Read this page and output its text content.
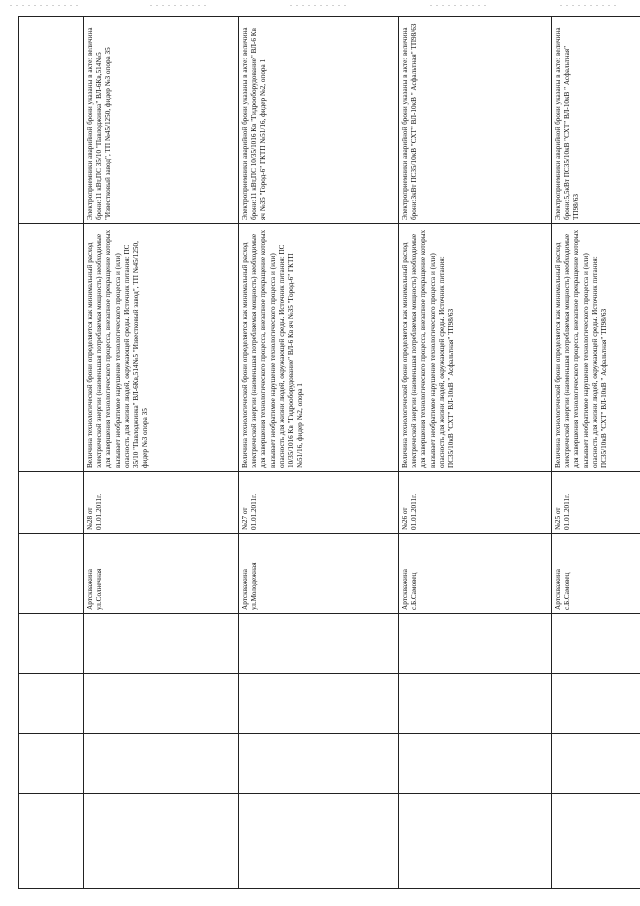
				Артскважина ул.Солнечная	№28 от 01.01.2011г.	Величина технологической брони определяется как минимальный расход электрической энергии (наименьшая потребляемая мощность) необходимые для завершения технологического процесса, внезапное прекращение которых вызывает необратимое нарушение технологического процесса и (или) опасность для жизни людей, окружающей среды. Источник питания: ПС 35/10 "Павлоджинка" ВЛ-6Кв,514№5 "Известковый завод", ТП №45/1250, фидер №3 опора 35	Электроприемники аварийной брони указаны в акте: величина брони:11 кВт,ПС 35/10 "Павлоджинка" ВЛ-6Кв,514№5 "Известковый завод", ТП №45/1250, фидер №3 опора 35
				Артскважина ул.Молодежная	№27 от 01.01.2011г.	Величина технологической брони определяется как минимальный расход электрической энергии (наименьшая потребляемая мощность) необходимые для завершения технологического процесса, внезапное прекращение которых вызывает необратимое нарушение технологического процесса и (или) опасность для жизни людей, окружающей среды. Источник питания: ПС 10/35/1016 Кв "Гидрооборудование" ВЛ-6 Кв яч №35 "Город-6" ГКТП №51/16, фидер №2, опора 1	Электроприемники аварийной брони указаны в акте: величина брони:11 кВт,ПС 10/35/1016 Кв "Гидрооборудование" ВЛ-6 Кв яч №35 "Город-6" ГКТП №51/16, фидер №2, опора 1
				Артскважина с.Б.Самовец	№26 от 01.01.2011г.	Величина технологической брони определяется как минимальный расход электрической энергии (наименьшая потребляемая мощность) необходимые для завершения технологического процесса, внезапное прекращение которых вызывает необратимое нарушение технологического процесса и (или) опасность для жизни людей, окружающей среды. Источник питания: ПС35/10кВ "СХТ" ВЛ-10кВ " Асфальтная" ТП98/63	Электроприемники аварийной брони указаны в акте: величина брони:3кВт ПС35/10кВ "СХТ" ВЛ-10кВ " Асфальтная" ТП98/63
				Артскважина с.Б.Самовец	№25 от 01.01.2011г.	Величина технологической брони определяется как минимальный расход электрической энергии (наименьшая потребляемая мощность) необходимые для завершения технологического процесса, внезапное прекращение которых вызывает необратимое нарушение технологического процесса и (или) опасность для жизни людей, окружающей среды. Источник питания: ПС35/10кВ "СХТ" ВЛ-10кВ " Асфальтная" ТП98/63	Электроприемники аварийной брони указаны в акте: величина брони:5,5кВт ПС35/10кВ "СХТ" ВЛ-10кВ " Асфальтная" ТП98/63
